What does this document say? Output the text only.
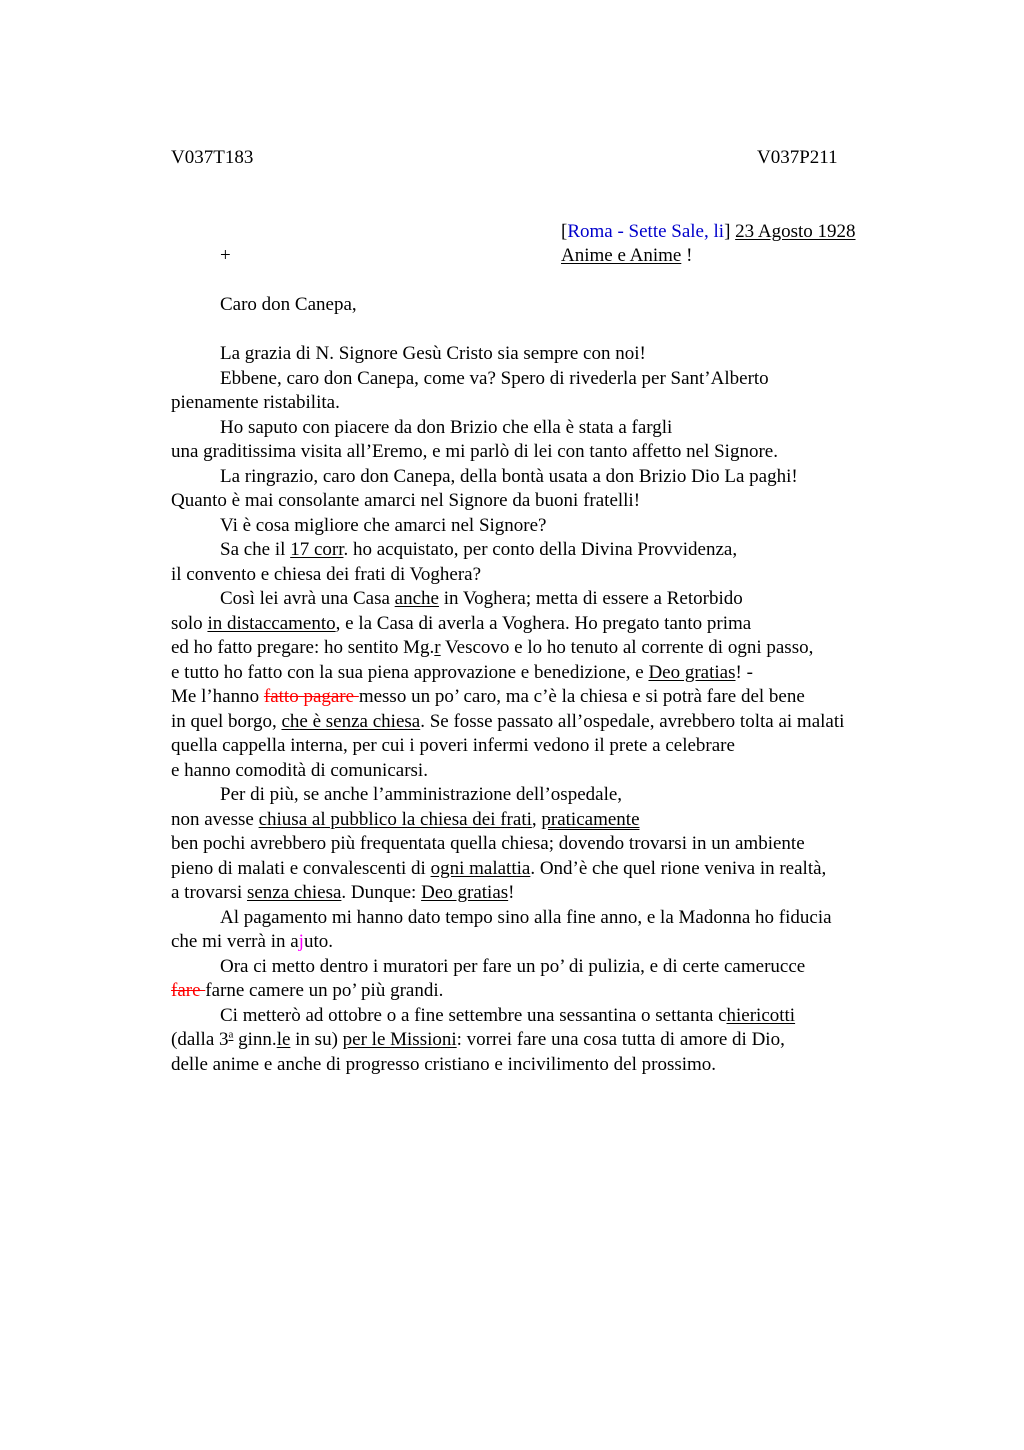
V037T183	V037P211
[Roma - Sette Sale, li] 23 Agosto 1928
Anime e Anime !
+
Caro don Canepa,
La grazia di N. Signore Gesù Cristo sia sempre con noi!
Ebbene, caro don Canepa, come va? Spero di rivederla per Sant’Alberto
pienamente ristabilita.
Ho saputo con piacere da don Brizio che ella è stata a fargli
una graditissima visita all’Eremo, e mi parlò di lei con tanto affetto nel Signore.
La ringrazio, caro don Canepa, della bontà usata a don Brizio Dio La paghi!
Quanto è mai consolante amarci nel Signore da buoni fratelli!
Vi è cosa migliore che amarci nel Signore?
Sa che il 17 corr. ho acquistato, per conto della Divina Provvidenza,
il convento e chiesa dei frati di Voghera?
Così lei avrà una Casa anche in Voghera; metta di essere a Retorbido
solo in distaccamento, e la Casa di averla a Voghera. Ho pregato tanto prima
ed ho fatto pregare: ho sentito Mg.r Vescovo e lo ho tenuto al corrente di ogni passo,
e tutto ho fatto con la sua piena approvazione e benedizione, e Deo gratias! -
Me l’hanno fatto pagare messo un po’ caro, ma c’è la chiesa e si potrà fare del bene
in quel borgo, che è senza chiesa. Se fosse passato all’ospedale, avrebbero tolta ai malati
quella cappella interna, per cui i poveri infermi vedono il prete a celebrare
e hanno comodità di comunicarsi.
Per di più, se anche l’amministrazione dell’ospedale,
non avesse chiusa al pubblico la chiesa dei frati, praticamente
ben pochi avrebbero più frequentata quella chiesa; dovendo trovarsi in un ambiente
pieno di malati e convalescenti di ogni malattia. Ond’è che quel rione veniva in realtà,
a trovarsi senza chiesa. Dunque: Deo gratias!
Al pagamento mi hanno dato tempo sino alla fine anno, e la Madonna ho fiducia
che mi verrà in ajuto.
Ora ci metto dentro i muratori per fare un po’ di pulizia, e di certe camerucce
fare farne camere un po’ più grandi.
Ci metterò ad ottobre o a fine settembre una sessantina o settanta chiericotti
(dalla 3$^a$ ginn.le in su) per le Missioni: vorrei fare una cosa tutta di amore di Dio,
delle anime e anche di progresso cristiano e incivilimento del prossimo.
